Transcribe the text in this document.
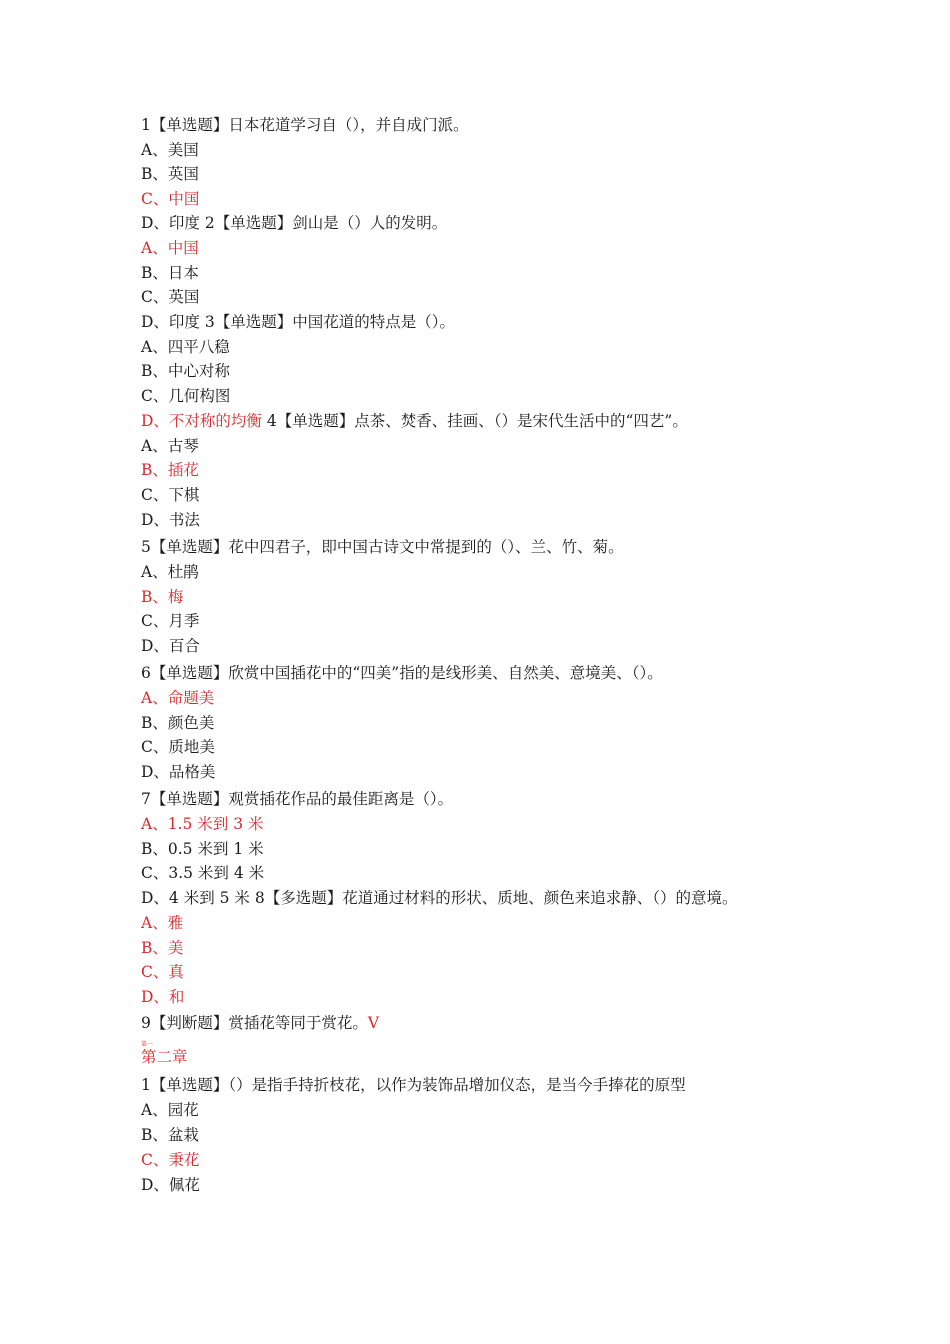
第一
1【单选题】日本花道学习自（），并自成门派。
A、美国
B、英国
C、中国
D、印度 2【单选题】剑山是（）人的发明。
A、中国
B、日本
C、英国
D、印度 3【单选题】中国花道的特点是（）。
A、四平八稳
B、中心对称
C、几何构图
D、不对称的均衡 4【单选题】点茶、焚香、挂画、（）是宋代生活中的“四艺”。
A、古琴
B、插花
C、下棋
D、书法
5【单选题】花中四君子，即中国古诗文中常提到的（）、兰、竹、菊。
A、杜鹃
B、梅
C、月季
D、百合
6【单选题】欣赏中国插花中的“四美”指的是线形美、自然美、意境美、（）。
A、命题美
B、颜色美
C、质地美
D、品格美
7【单选题】观赏插花作品的最佳距离是（）。
A、1.5 米到 3 米
B、0.5 米到 1 米
C、3.5 米到 4 米
D、4 米到 5 米 8【多选题】花道通过材料的形状、质地、颜色来追求静、（）的意境。
A、雅
B、美
C、真
D、和
9【判断题】赏插花等同于赏花。V
第二章
1【单选题】（）是指手持折枝花，以作为装饰品增加仪态，是当今手捧花的原型
A、园花
B、盆栽
C、秉花
D、佩花
